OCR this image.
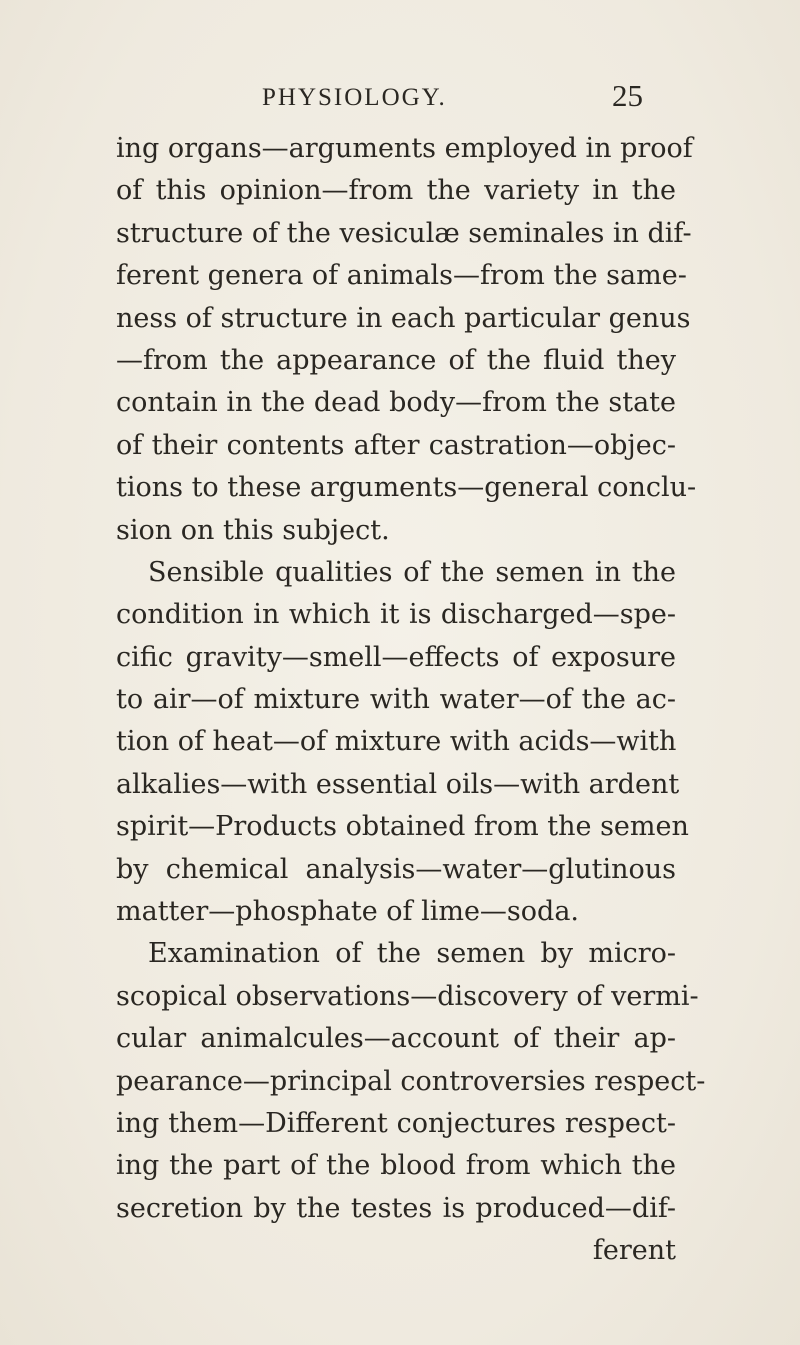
PHYSIOLOGY.	25
ing organs—arguments employed in proof
of this opinion—from the variety in the
structure of the vesiculæ seminales in dif-
ferent genera of animals—from the same-
ness of structure in each particular genus
—from the appearance of the fluid they
contain in the dead body—from the state
of their contents after castration—objec-
tions to these arguments—general conclu-
sion on this subject.
Sensible qualities of the semen in the
condition in which it is discharged—spe-
cific gravity—smell—effects of exposure
to air—of mixture with water—of the ac-
tion of heat—of mixture with acids—with
alkalies—with essential oils—with ardent
spirit—Products obtained from the semen
by chemical analysis—water—glutinous
matter—phosphate of lime—soda.
Examination of the semen by micro-
scopical observations—discovery of vermi-
cular animalcules—account of their ap-
pearance—principal controversies respect-
ing them—Different conjectures respect-
ing the part of the blood from which the
secretion by the testes is produced—dif-
ferent
